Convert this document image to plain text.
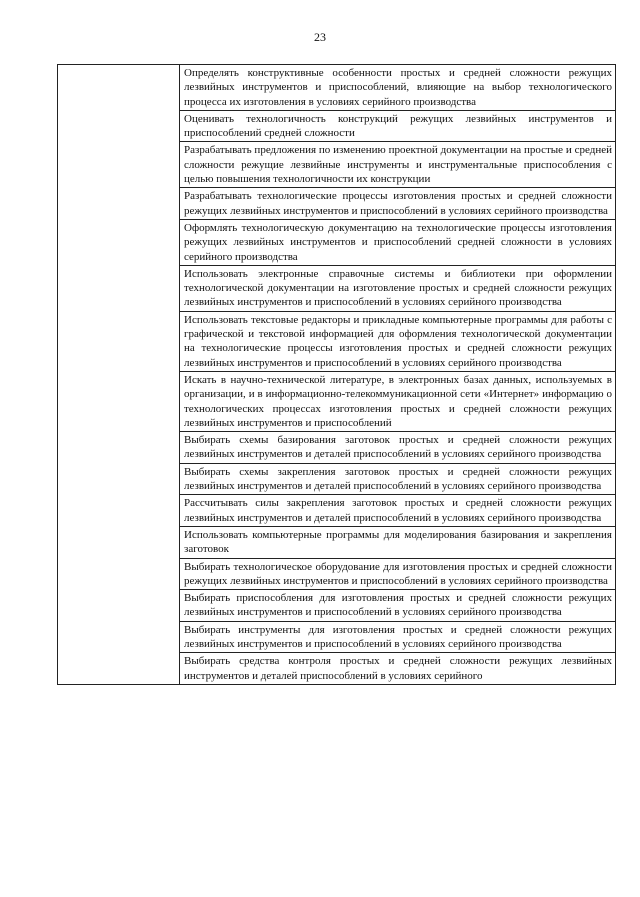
23
	Определять конструктивные особенности простых и средней сложности режущих лезвийных инструментов и приспособлений, влияющие на выбор технологического процесса их изготовления в условиях серийного производства
Оценивать технологичность конструкций режущих лезвийных инструментов и приспособлений средней сложности
Разрабатывать предложения по изменению проектной документации на простые и средней сложности режущие лезвийные инструменты и инструментальные приспособления с целью повышения технологичности их конструкции
Разрабатывать технологические процессы изготовления простых и средней сложности режущих лезвийных инструментов и приспособлений в условиях серийного производства
Оформлять технологическую документацию на технологические процессы изготовления режущих лезвийных инструментов и приспособлений средней сложности в условиях серийного производства
Использовать электронные справочные системы и библиотеки при оформлении технологической документации на изготовление простых и средней сложности режущих лезвийных инструментов и приспособлений в условиях серийного производства
Использовать текстовые редакторы и прикладные компьютерные программы для работы с графической и текстовой информацией для оформления технологической документации на технологические процессы изготовления простых и средней сложности режущих лезвийных инструментов и приспособлений в условиях серийного производства
Искать в научно-технической литературе, в электронных базах данных, используемых в организации, и в информационно-телекоммуникационной сети «Интернет» информацию о технологических процессах изготовления простых и средней сложности режущих лезвийных инструментов и приспособлений
Выбирать схемы базирования заготовок простых и средней сложности режущих лезвийных инструментов и деталей приспособлений в условиях серийного производства
Выбирать схемы закрепления заготовок простых и средней сложности режущих лезвийных инструментов и деталей приспособлений в условиях серийного производства
Рассчитывать силы закрепления заготовок простых и средней сложности режущих лезвийных инструментов и деталей приспособлений в условиях серийного производства
Использовать компьютерные программы для моделирования базирования и закрепления заготовок
Выбирать технологическое оборудование для изготовления простых и средней сложности режущих лезвийных инструментов и приспособлений в условиях серийного производства
Выбирать приспособления для изготовления простых и средней сложности режущих лезвийных инструментов и приспособлений в условиях серийного производства
Выбирать инструменты для изготовления простых и средней сложности режущих лезвийных инструментов и приспособлений в условиях серийного производства
Выбирать средства контроля простых и средней сложности режущих лезвийных инструментов и деталей приспособлений в условиях серийного
